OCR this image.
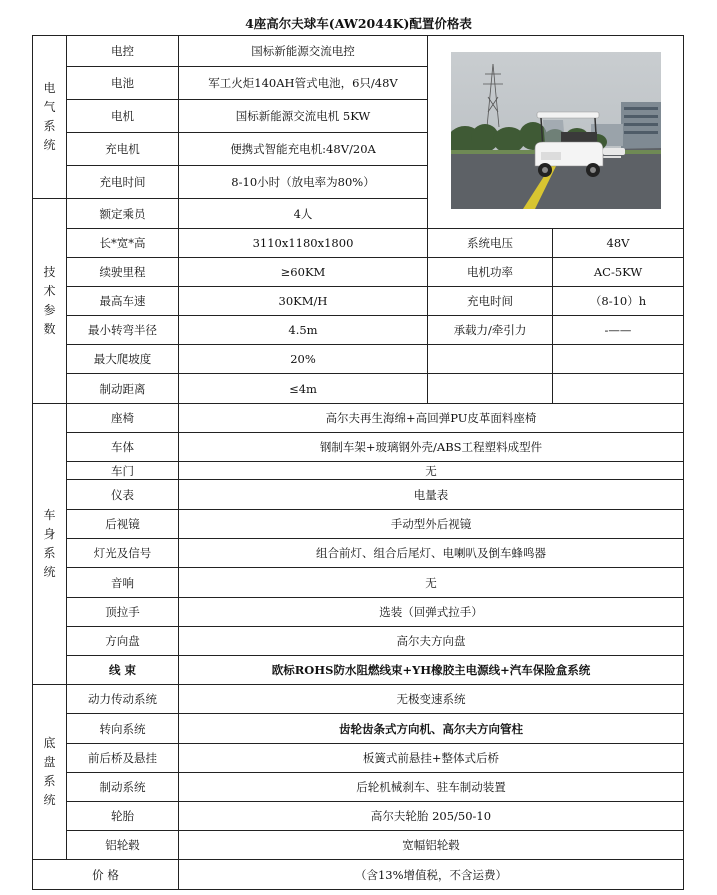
4座高尔夫球车(AW2044K)配置价格表
电气系统	电控	国标新能源交流电控	
	电池	军工火炬140AH管式电池，6只/48V		
	电机	国标新能源交流电机 5KW		
	充电机	便携式智能充电机:48V/20A		
	充电时间	8-10小时（放电率为80%）		
技术参数	额定乘员	4人		
	长*宽*高	3110x1180x1800	系统电压	48V
	续驶里程	≥60KM	电机功率	AC-5KW
	最高车速	30KM/H	充电时间	（8-10）h
	最小转弯半径	4.5m	承载力/牵引力	-——
	最大爬坡度	20%		
	制动距离	≤4m		
车身系统	座椅	高尔夫再生海绵+高回弹PU皮革面料座椅		
	车体	钢制车架+玻璃钢外壳/ABS工程塑料成型件		
	车门	无		
	仪表	电量表		
	后视镜	手动型外后视镜		
	灯光及信号	组合前灯、组合后尾灯、电喇叭及倒车蜂鸣器		
	音响	无		
	顶拉手	选装（回弹式拉手）		
	方向盘	高尔夫方向盘		
	线 束	欧标ROHS防水阻燃线束+YH橡胶主电源线+汽车保险盒系统		
底盘系统	动力传动系统	无极变速系统		
	转向系统	齿轮齿条式方向机、高尔夫方向管柱		
	前后桥及悬挂	板簧式前悬挂+整体式后桥		
	制动系统	后轮机械刹车、驻车制动装置		
	轮胎	高尔夫轮胎 205/50-10		
	铝轮毂	宽幅铝轮毂		
价 格		（含13%增值税，不含运费）		
